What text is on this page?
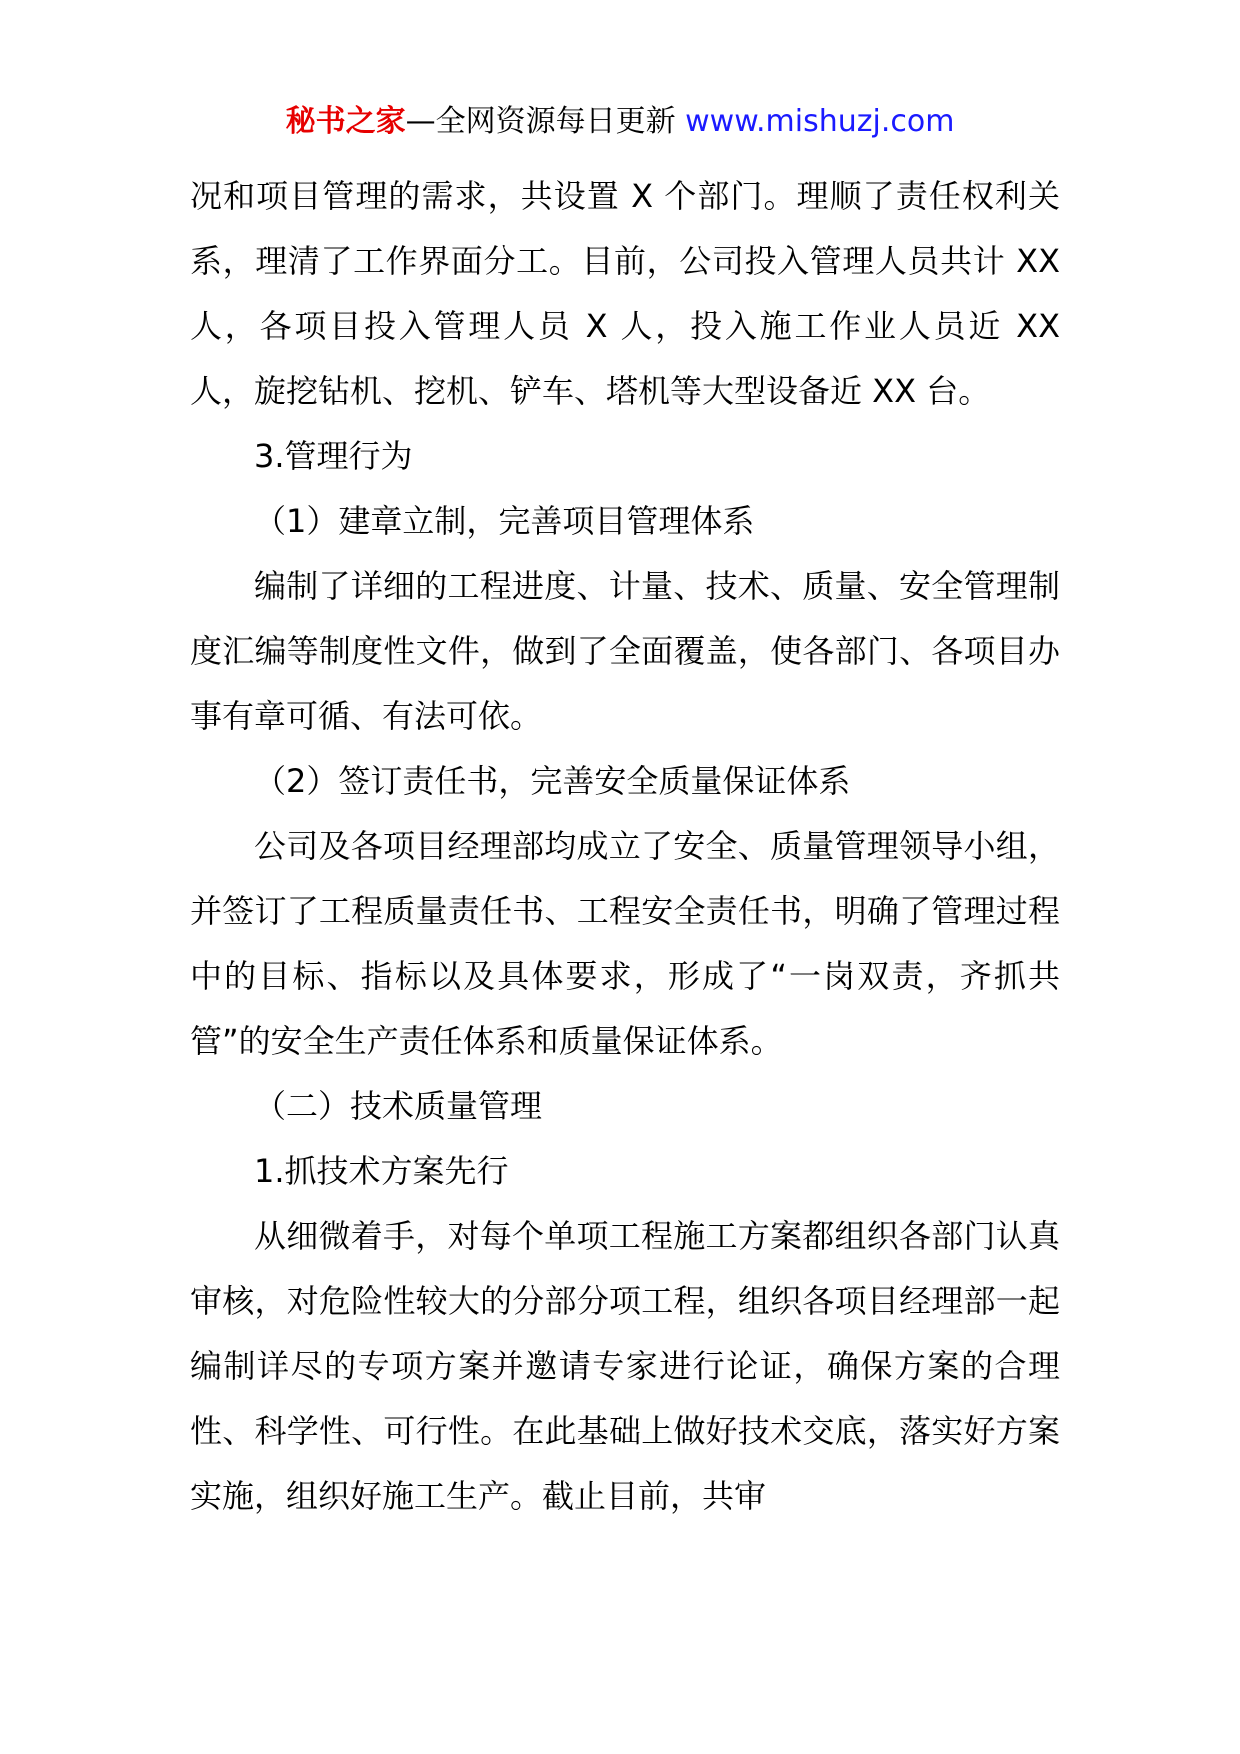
秘书之家—全网资源每日更新 www.mishuzj.com

况和项目管理的需求，共设置 X 个部门。理顺了责任权利关系，理清了工作界面分工。目前，公司投入管理人员共计 XX 人，各项目投入管理人员 X 人，投入施工作业人员近 XX 人，旋挖钻机、挖机、铲车、塔机等大型设备近 XX 台。

3.管理行为

（1）建章立制，完善项目管理体系

编制了详细的工程进度、计量、技术、质量、安全管理制度汇编等制度性文件，做到了全面覆盖，使各部门、各项目办事有章可循、有法可依。

（2）签订责任书，完善安全质量保证体系

公司及各项目经理部均成立了安全、质量管理领导小组，并签订了工程质量责任书、工程安全责任书，明确了管理过程中的目标、指标以及具体要求，形成了“一岗双责，齐抓共管”的安全生产责任体系和质量保证体系。

（二）技术质量管理

1.抓技术方案先行

从细微着手，对每个单项工程施工方案都组织各部门认真审核，对危险性较大的分部分项工程，组织各项目经理部一起编制详尽的专项方案并邀请专家进行论证，确保方案的合理性、科学性、可行性。在此基础上做好技术交底，落实好方案实施，组织好施工生产。截止目前，共审
